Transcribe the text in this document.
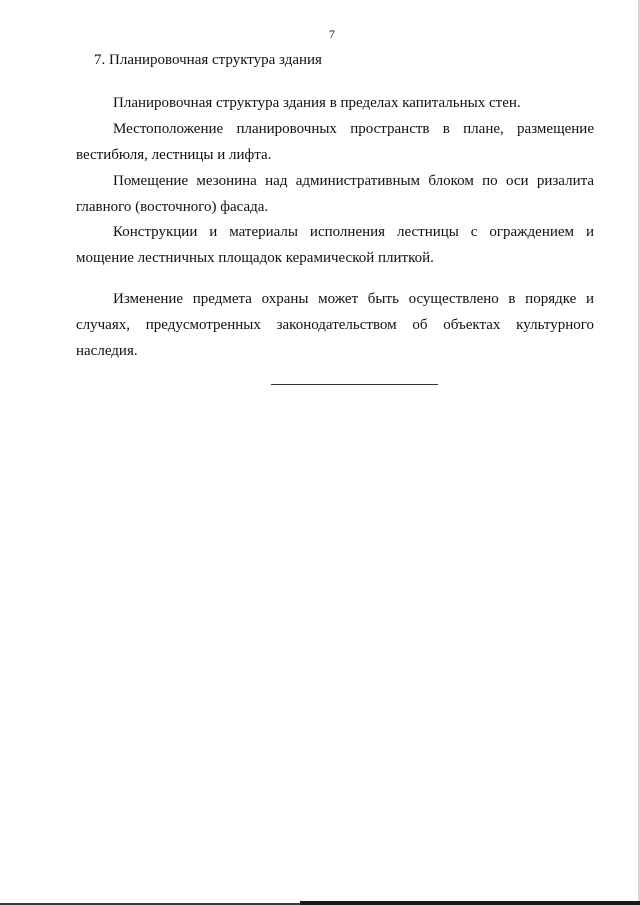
7
7. Планировочная структура здания
Планировочная структура здания в пределах капитальных стен.
Местоположение планировочных пространств в плане, размещение
вестибюля, лестницы и лифта.
Помещение мезонина над административным блоком по оси ризалита
главного (восточного) фасада.
Конструкции и материалы исполнения лестницы с ограждением и
мощение лестничных площадок керамической плиткой.
Изменение предмета охраны может быть осуществлено в порядке и
случаях, предусмотренных законодательством об объектах культурного
наследия.
